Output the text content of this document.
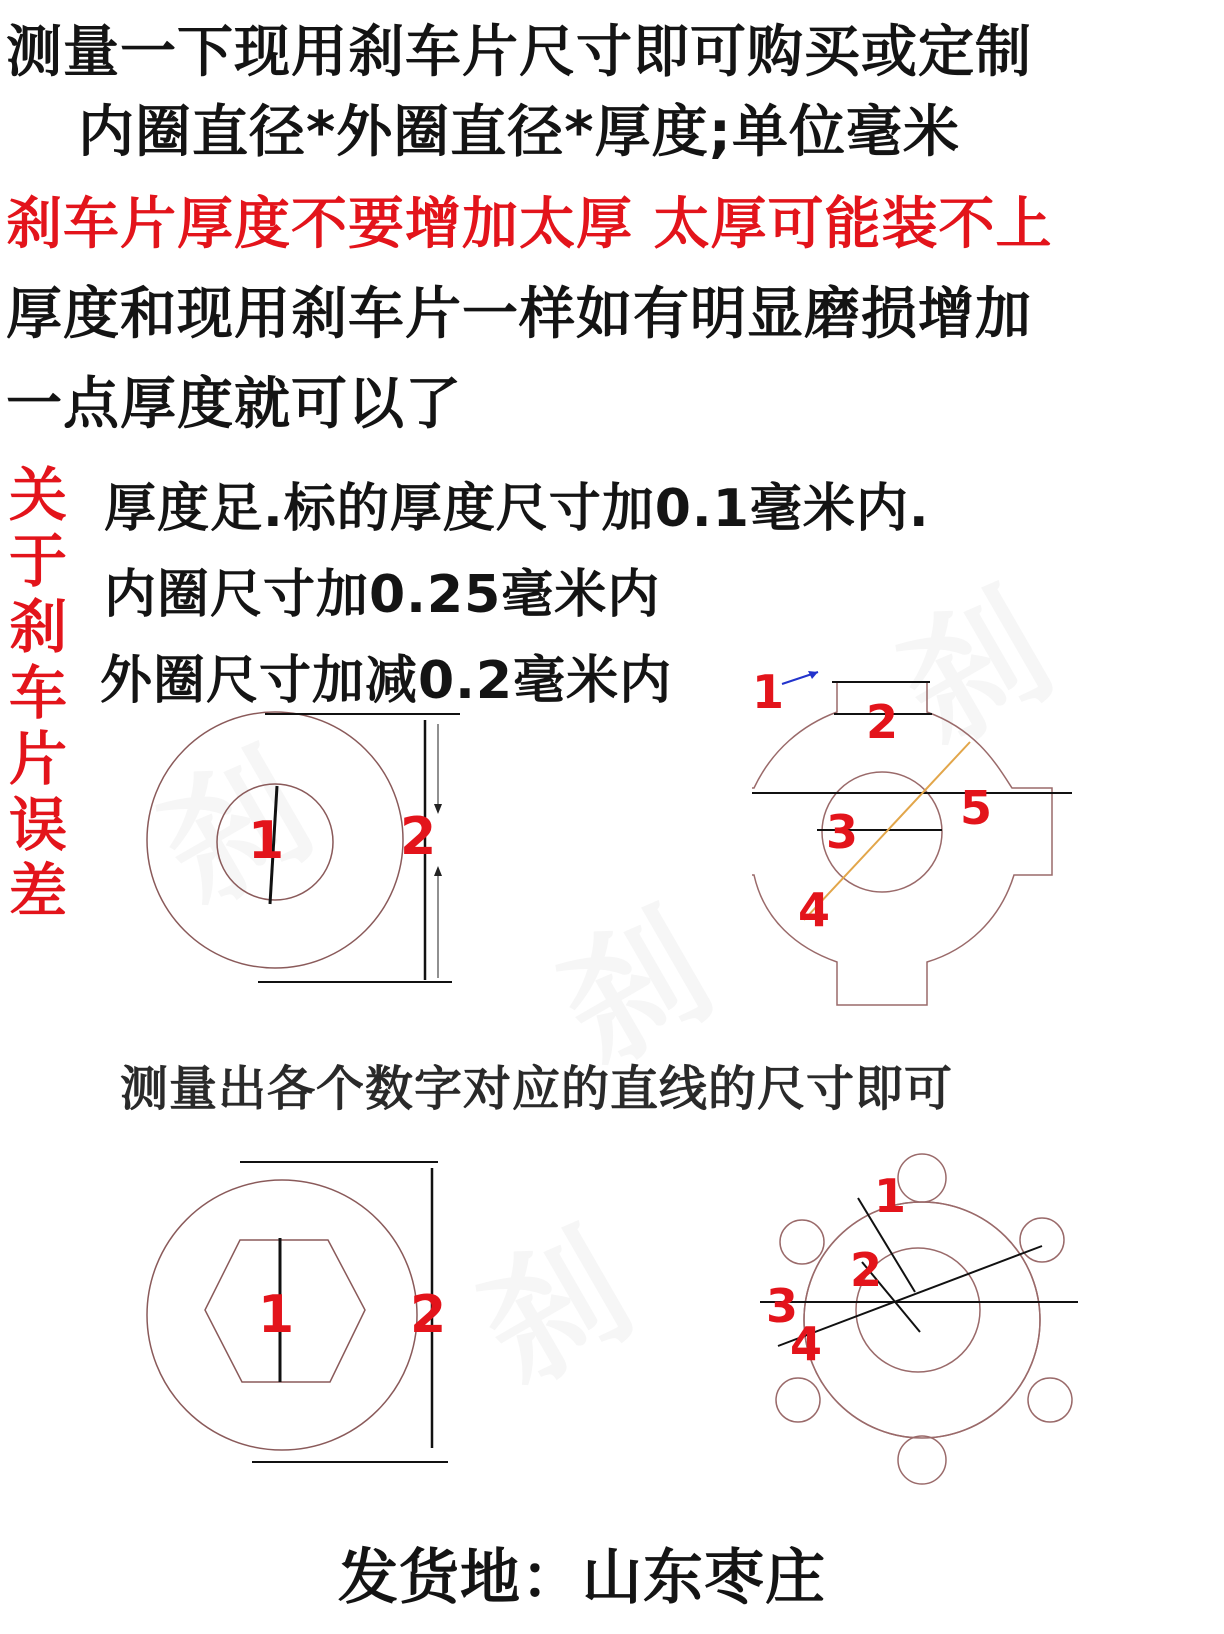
测量一下现用刹车片尺寸即可购买或定制
内圈直径*外圈直径*厚度;单位毫米
刹车片厚度不要增加太厚 太厚可能装不上
厚度和现用刹车片一样如有明显磨损增加
一点厚度就可以了
关
于
刹
车
片
误
差
厚度足.标的厚度尺寸加0.1毫米内.
内圈尺寸加0.25毫米内
外圈尺寸加减0.2毫米内
1 2
1
2
3
4
5
测量出各个数字对应的直线的尺寸即可
1 2
1
2
3
4
发货地：山东枣庄
